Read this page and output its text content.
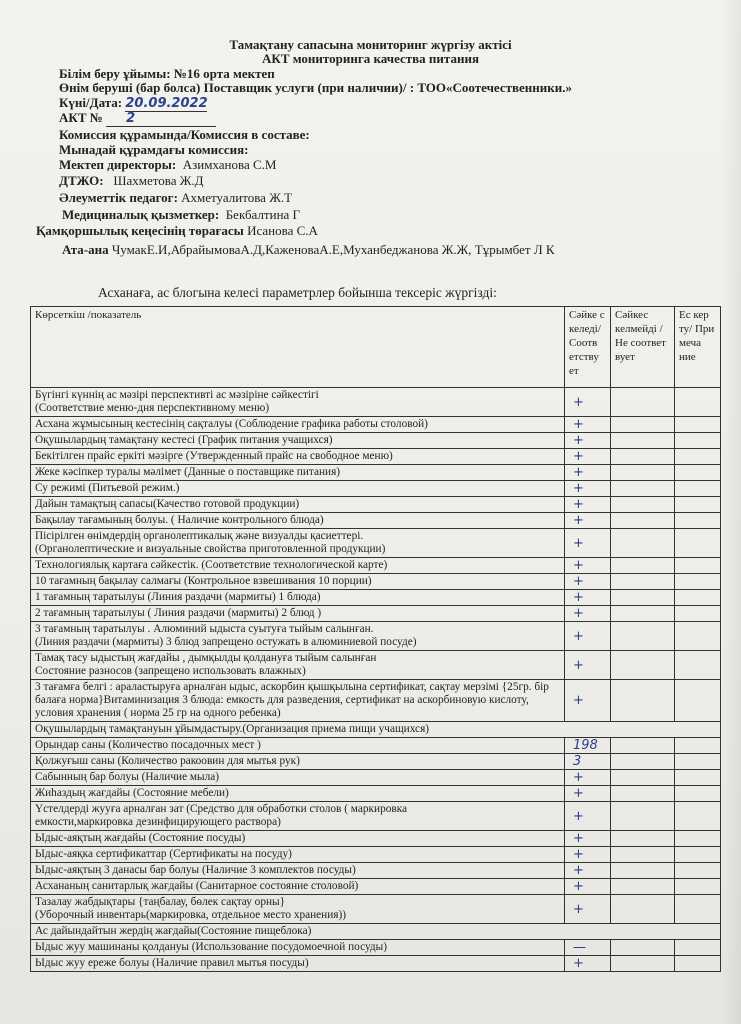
Тамақтану сапасына мониторинг жүргізу актісі
АКТ мониторинга качества питания
Білім беру ұйымы: №16 орта мектеп
Өнім беруші (бар болса) Поставщик услуги (при наличии)/ : ТОО«Соотечественники.»
Күні/Дата: 20.09.2022
АКТ № 2
Комиссия құрамында/Комиссия в составе:
Мынадай құрамдағы комиссия:
Мектеп директоры: Азимханова С.М
ДТЖО: Шахметова Ж.Д
Әлеуметтік педагог: Ахметуалитова Ж.Т
Медициналық қызметкер: Бекбалтина Г
Қамқоршылық кеңесінің төрағасы Исанова С.А
Ата-ана ЧумакЕ.И,АбрайымоваА.Д,КаженоваА.Е,Муханбеджанова Ж.Ж, Тұрымбет Л К
Асханаға, ас блогына келесі параметрлер бойынша тексеріс жүргізді:
Көрсеткіш /показатель	Сәйке с келеді/ Соотв етству ет	Сәйкес келмейді / Не соответ вует	Ес кер ту/ При меча ние
Бүгінгі күннің ас мәзірі перспективті ас мәзіріне сәйкестігі
(Соответствие меню-дня перспективному меню)	+		
Асхана жұмысының кестесінің сақталуы (Соблюдение графика работы столовой)	+		
Оқушылардың тамақтану кестесі (График питания учащихся)	+		
Бекітілген прайс еркіті мәзірге (Утвержденный прайс на свободное меню)	+		
Жеке кәсіпкер туралы мәлімет (Данные о поставщике питания)	+		
Су режимі (Питьевой режим.)	+		
Дайын тамақтың сапасы(Качество готовой продукции)	+		
Бақылау тағамының болуы. ( Наличие контрольного блюда)	+		
Пісірілген өнімдердің органолептикалық және визуалды қасиеттері.
(Органолептические и визуальные свойства приготовленной продукции)	+		
Технологиялық картаға сәйкестік. (Соответствие технологической карте)	+		
10 тағамның бақылау салмағы (Контрольное взвешивания 10 порции)	+		
1 тағамның таратылуы (Линия раздачи (мармиты) 1 блюда)	+		
2 тағамның таратылуы ( Линия раздачи (мармиты) 2 блюд )	+		
3 тағамның таратылуы . Алюминий ыдыста суытуға тыйым салынған.
(Линия раздачи (мармиты) 3 блюд запрещено остужать в алюминиевой посуде)	+		
Тамақ тасу ыдыстың жағдайы , дымқылды қолдануға тыйым салынған
Состояние разносов (запрещено использовать влажных)	+		
3 тағамға белгі : араластыруға арналған ыдыс, аскорбин қышқылына сертификат, сақтау мерзімі {25гр. бір балаға норма}Витаминизация 3 блюда: емкость для разведения, сертификат на аскорбиновую кислоту, условия хранения ( норма 25 гр на одного ребенка)	+		
Оқушылардың тамақтануын ұйымдастыру.(Организация приема пищи учащихся)			
Орындар саны (Количество посадочных мест )	198		
Қолжуғыш саны (Количество ракоовин для мытья рук)	3		
Сабынның бар болуы (Наличие мыла)	+		
Жиһаздың жағдайы (Состояние мебели)	+		
Үстелдерді жууға арналған зат (Средство для обработки столов ( маркировка
емкости,маркировка дезинфицирующего раствора)	+		
Ыдыс-аяқтың жағдайы (Состояние посуды)	+		
Ыдыс-аяқка сертификаттар (Сертификаты на посуду)	+		
Ыдыс-аяқтың 3 данасы бар болуы (Наличие 3 комплектов посуды)	+		
Асхананың санитарлық жағдайы (Санитарное состояние столовой)	+		
Тазалау жабдықтары {таңбалау, бөлек сақтау орны}
(Уборочный инвентарь(маркировка, отдельное место хранения))	+		
Ас дайындайтын жердің жағдайы(Состояние пищеблока)			
Ыдыс жуу машинаны қолдануы (Использование посудомоечной посуды)	—		
Ыдыс жуу ереже болуы (Наличие правил мытья посуды)	+		
